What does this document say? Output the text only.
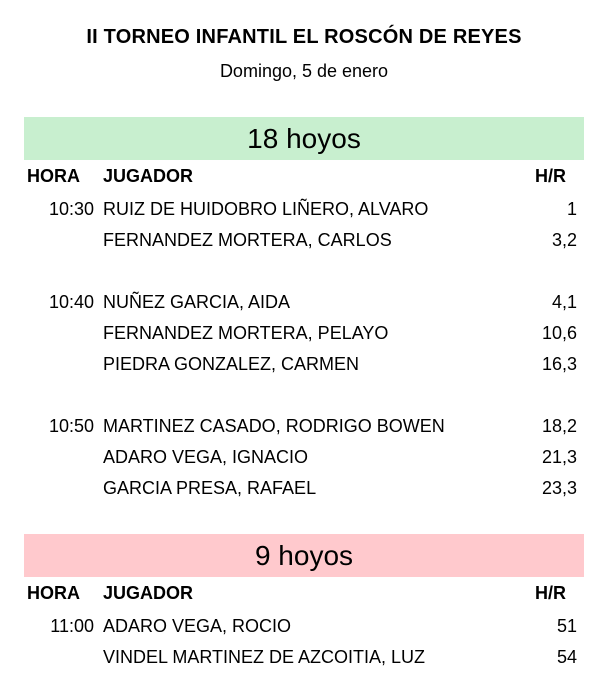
II TORNEO INFANTIL EL ROSCÓN DE REYES
Domingo, 5 de enero
18 hoyos
HORA JUGADOR	H/R
10:30 RUIZ DE HUIDOBRO LIÑERO, ALVARO	1
FERNANDEZ MORTERA, CARLOS	3,2
10:40 NUÑEZ GARCIA, AIDA	4,1
FERNANDEZ MORTERA, PELAYO	10,6
PIEDRA GONZALEZ, CARMEN	16,3
10:50 MARTINEZ CASADO, RODRIGO BOWEN	18,2
ADARO VEGA, IGNACIO	21,3
GARCIA PRESA, RAFAEL	23,3
9 hoyos
HORA JUGADOR	H/R
11:00 ADARO VEGA, ROCIO	51
VINDEL MARTINEZ DE AZCOITIA, LUZ	54
